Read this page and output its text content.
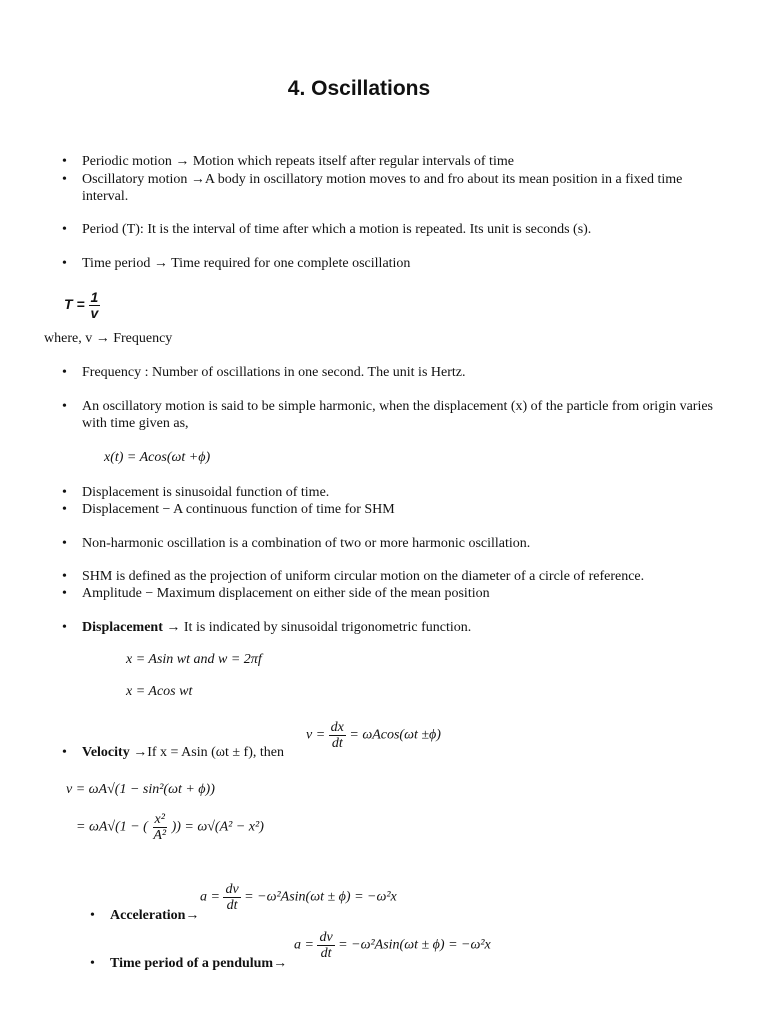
4. Oscillations
• Periodic motion → Motion which repeats itself after regular intervals of time
• Oscillatory motion →A body in oscillatory motion moves to and fro about its mean position in a fixed time interval.
• Period (T): It is the interval of time after which a motion is repeated. Its unit is seconds (s).
• Time period → Time required for one complete oscillation
$T = \frac{1}{v}$
where, v → Frequency
• Frequency : Number of oscillations in one second. The unit is Hertz.
• An oscillatory motion is said to be simple harmonic, when the displacement (x) of the particle from origin varies with time given as,
x(t) = Acos(ωt +ϕ)
• Displacement is sinusoidal function of time.
• Displacement − A continuous function of time for SHM
• Non-harmonic oscillation is a combination of two or more harmonic oscillation.
• SHM is defined as the projection of uniform circular motion on the diameter of a circle of reference.
• Amplitude − Maximum displacement on either side of the mean position
• Displacement → It is indicated by sinusoidal trigonometric function.
x = Asin wt and w = 2πf
x = Acos wt
• Velocity →If x = Asin (ωt ± f), then
$v = \frac{dx}{dt} = \omega Acos(\omega t \pm\phi)$
v = ωA√(1 − sin²(ωt + ϕ))
= ωA√(1 − ( $\frac{\text{x²}}{\text{A²}}$ )) = ω√(A² − x²)
• Acceleration→
$a = \frac{dv}{dt} = -\omega^2Asin(\omega t \pm \phi) = -\omega^2x$
• Time period of a pendulum→
$a = \frac{dv}{dt} = -\omega^2Asin(\omega t \pm \phi) = -\omega^2x$
